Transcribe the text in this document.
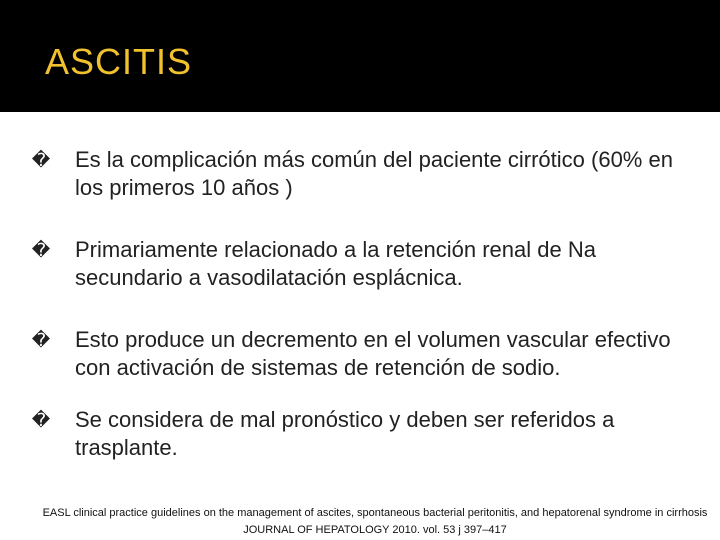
ASCITIS
�
Es la complicación más común del paciente cirrótico (60% en los primeros 10 años )
�
Primariamente relacionado a la retención renal de Na secundario a vasodilatación esplácnica.
�
Esto produce un decremento en el volumen vascular efectivo con activación de sistemas de retención de sodio.
�
Se considera de mal pronóstico y deben ser referidos a trasplante.
EASL clinical practice guidelines on the management of ascites, spontaneous bacterial peritonitis, and hepatorenal syndrome in cirrhosis JOURNAL OF HEPATOLOGY 2010. vol. 53 j 397–417
